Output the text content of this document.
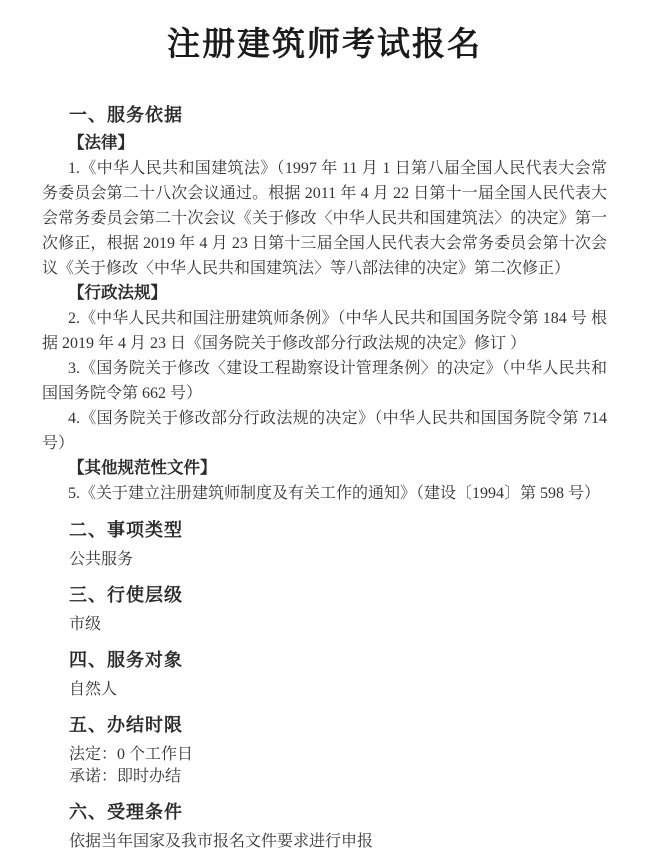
注册建筑师考试报名
一、服务依据
【法律】

1.《中华人民共和国建筑法》（1997 年 11 月 1 日第八届全国人民代表大会常务委员会第二十八次会议通过。根据 2011 年 4 月 22 日第十一届全国人民代表大会常务委员会第二十次会议《关于修改〈中华人民共和国建筑法〉的决定》第一次修正，根据 2019 年 4 月 23 日第十三届全国人民代表大会常务委员会第十次会议《关于修改〈中华人民共和国建筑法〉等八部法律的决定》第二次修正）

【行政法规】

2.《中华人民共和国注册建筑师条例》（中华人民共和国国务院令第 184 号 根据 2019 年 4 月 23 日《国务院关于修改部分行政法规的决定》修订 ）

3.《国务院关于修改〈建设工程勘察设计管理条例〉的决定》（中华人民共和国国务院令第 662 号）

4.《国务院关于修改部分行政法规的决定》（中华人民共和国国务院令第 714 号）

【其他规范性文件】

5.《关于建立注册建筑师制度及有关工作的通知》（建设〔1994〕第 598 号）

二、事项类型
公共服务
三、行使层级
市级
四、服务对象
自然人
五、办结时限
法定：0 个工作日
承诺：即时办结
六、受理条件
依据当年国家及我市报名文件要求进行申报
